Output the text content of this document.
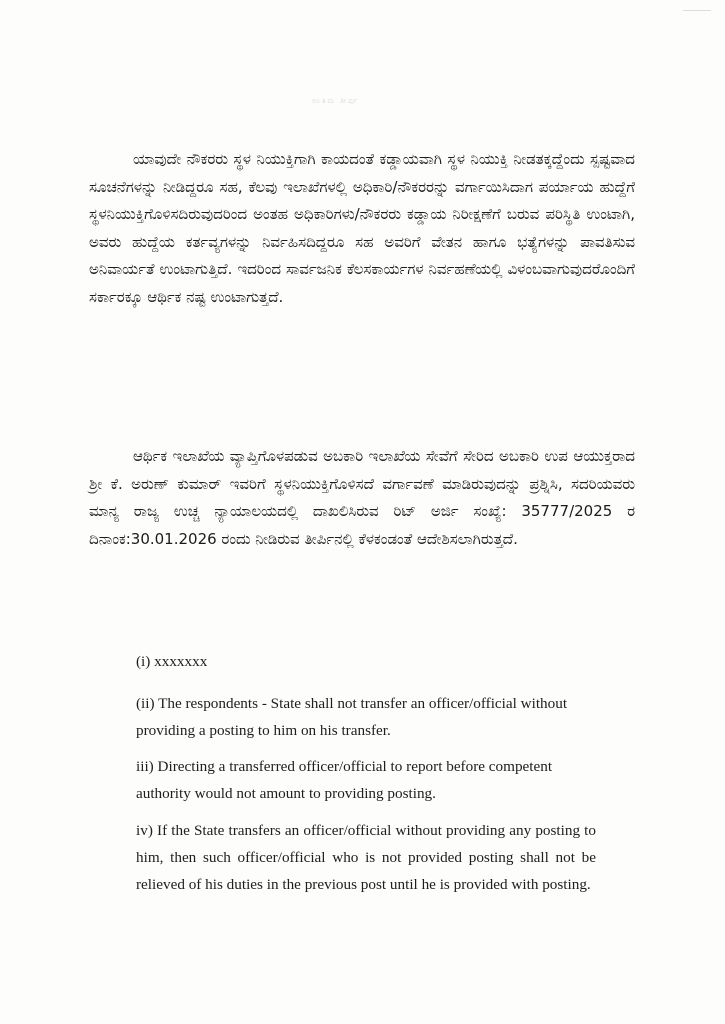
ಅಂತಿಮ ತೀರ್ಪು

ಯಾವುದೇ ನೌಕರರು ಸ್ಥಳ ನಿಯುಕ್ತಿಗಾಗಿ ಕಾಯದಂತೆ ಕಡ್ಡಾಯವಾಗಿ ಸ್ಥಳ ನಿಯುಕ್ತಿ ನೀಡತಕ್ಕದ್ದೆಂದು ಸ್ಪಷ್ಟವಾದ ಸೂಚನೆಗಳನ್ನು ನೀಡಿದ್ದರೂ ಸಹ, ಕೆಲವು ಇಲಾಖೆಗಳಲ್ಲಿ ಅಧಿಕಾರಿ/ನೌಕರರನ್ನು ವರ್ಗಾಯಿಸಿದಾಗ ಪರ್ಯಾಯ ಹುದ್ದೆಗೆ ಸ್ಥಳನಿಯುಕ್ತಿಗೊಳಿಸದಿರುವುದರಿಂದ ಅಂತಹ ಅಧಿಕಾರಿಗಳು/ನೌಕರರು ಕಡ್ಡಾಯ ನಿರೀಕ್ಷಣೆಗೆ ಬರುವ ಪರಿಸ್ಥಿತಿ ಉಂಟಾಗಿ, ಅವರು ಹುದ್ದೆಯ ಕರ್ತವ್ಯಗಳನ್ನು ನಿರ್ವಹಿಸದಿದ್ದರೂ ಸಹ ಅವರಿಗೆ ವೇತನ ಹಾಗೂ ಭತ್ಯೆಗಳನ್ನು ಪಾವತಿಸುವ ಅನಿವಾರ್ಯತೆ ಉಂಟಾಗುತ್ತಿದೆ. ಇದರಿಂದ ಸಾರ್ವಜನಿಕ ಕೆಲಸಕಾರ್ಯಗಳ ನಿರ್ವಹಣೆಯಲ್ಲಿ ವಿಳಂಬವಾಗುವುದರೊಂದಿಗೆ ಸರ್ಕಾರಕ್ಕೂ ಆರ್ಥಿಕ ನಷ್ಟ ಉಂಟಾಗುತ್ತದೆ.

ಆರ್ಥಿಕ ಇಲಾಖೆಯ ವ್ಯಾಪ್ತಿಗೊಳಪಡುವ ಅಬಕಾರಿ ಇಲಾಖೆಯ ಸೇವೆಗೆ ಸೇರಿದ ಅಬಕಾರಿ ಉಪ ಆಯುಕ್ತರಾದ ಶ್ರೀ ಕೆ. ಅರುಣ್ ಕುಮಾರ್ ಇವರಿಗೆ ಸ್ಥಳನಿಯುಕ್ತಿಗೊಳಿಸದೆ ವರ್ಗಾವಣೆ ಮಾಡಿರುವುದನ್ನು ಪ್ರಶ್ನಿಸಿ, ಸದರಿಯವರು ಮಾನ್ಯ ರಾಜ್ಯ ಉಚ್ಚ ನ್ಯಾಯಾಲಯದಲ್ಲಿ ದಾಖಲಿಸಿರುವ ರಿಟ್ ಅರ್ಜಿ ಸಂಖ್ಯೆ: 35777/2025 ರ ದಿನಾಂಕ:30.01.2026 ರಂದು ನೀಡಿರುವ ತೀರ್ಪಿನಲ್ಲಿ ಕೆಳಕಂಡಂತೆ ಆದೇಶಿಸಲಾಗಿರುತ್ತದೆ.

(i) xxxxxxx

(ii) The respondents - State shall not transfer an officer/official without providing a posting to him on his transfer.

iii) Directing a transferred officer/official to report before competent authority would not amount to providing posting.

iv) If the State transfers an officer/official without providing any posting to him, then such officer/official who is not provided posting shall not be relieved of his duties in the previous post until he is provided with posting.
